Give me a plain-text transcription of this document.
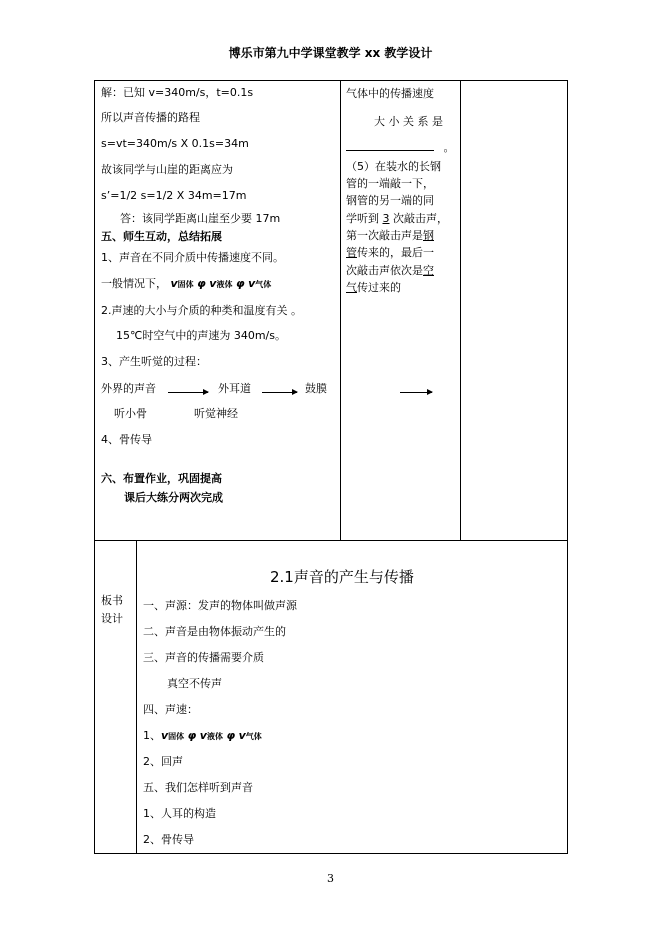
博乐市第九中学课堂教学 xx 教学设计
解：已知 v=340m/s，t=0.1s
所以声音传播的路程
s=vt=340m/s X 0.1s=34m
故该同学与山崖的距离应为
s’=1/2 s=1/2 X 34m=17m
答：该同学距离山崖至少要 17m
五、师生互动，总结拓展
1、声音在不同介质中传播速度不同。
一般情况下， v固体 φ v液体 φ v气体
2.声速的大小与介质的种类和温度有关 。
15℃时空气中的声速为 340m/s。
3、产生听觉的过程：
外界的声音	外耳道	鼓膜
听小骨	听觉神经
4、骨传导
六、布置作业，巩固提高
课后大练分两次完成
气体中的传播速度
大 小 关 系 是
。
（5）在装水的长钢
管的一端敲一下，
钢管的另一端的同
学听到 3 次敲击声，
第一次敲击声是钢
管传来的，最后一
次敲击声依次是空
气传过来的
板书
设计
2.1声音的产生与传播
一、声源：发声的物体叫做声源
二、声音是由物体振动产生的
三、声音的传播需要介质
真空不传声
四、声速：
1、v固体 φ v液体 φ v气体
2、回声
五、我们怎样听到声音
1、人耳的构造
2、骨传导
3
